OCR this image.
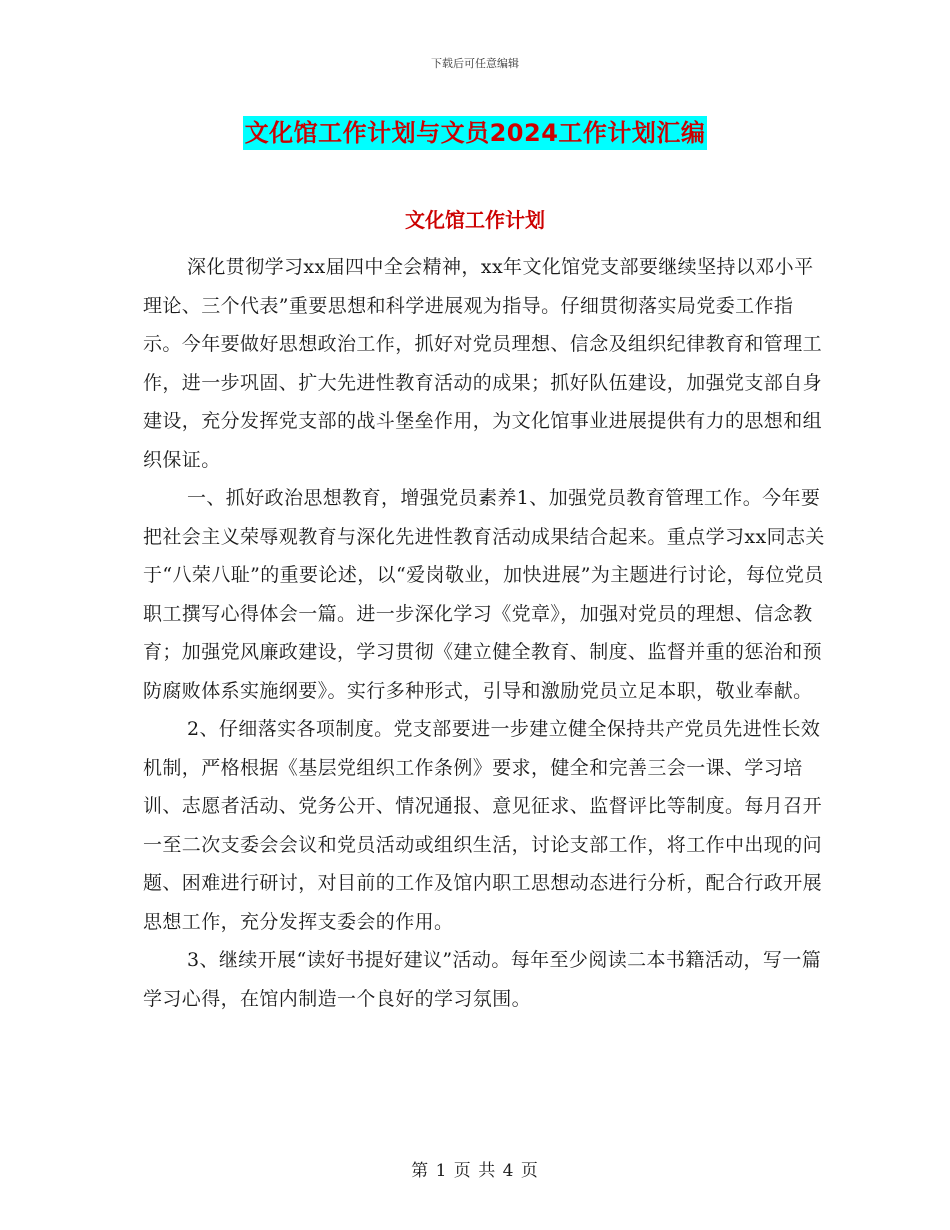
下载后可任意编辑
文化馆工作计划与文员2024工作计划汇编
文化馆工作计划

深化贯彻学习xx届四中全会精神，xx年文化馆党支部要继续坚持以邓小平理论、三个代表”重要思想和科学进展观为指导。仔细贯彻落实局党委工作指示。今年要做好思想政治工作，抓好对党员理想、信念及组织纪律教育和管理工作，进一步巩固、扩大先进性教育活动的成果；抓好队伍建设，加强党支部自身建设，充分发挥党支部的战斗堡垒作用，为文化馆事业进展提供有力的思想和组织保证。

一、抓好政治思想教育，增强党员素养1、加强党员教育管理工作。今年要把社会主义荣辱观教育与深化先进性教育活动成果结合起来。重点学习xx同志关于“八荣八耻”的重要论述，以“爱岗敬业，加快进展”为主题进行讨论，每位党员职工撰写心得体会一篇。进一步深化学习《党章》，加强对党员的理想、信念教育；加强党风廉政建设，学习贯彻《建立健全教育、制度、监督并重的惩治和预防腐败体系实施纲要》。实行多种形式，引导和激励党员立足本职，敬业奉献。

2、仔细落实各项制度。党支部要进一步建立健全保持共产党员先进性长效机制，严格根据《基层党组织工作条例》要求，健全和完善三会一课、学习培训、志愿者活动、党务公开、情况通报、意见征求、监督评比等制度。每月召开一至二次支委会会议和党员活动或组织生活，讨论支部工作，将工作中出现的问题、困难进行研讨，对目前的工作及馆内职工思想动态进行分析，配合行政开展思想工作，充分发挥支委会的作用。

3、继续开展“读好书提好建议”活动。每年至少阅读二本书籍活动，写一篇学习心得，在馆内制造一个良好的学习氛围。

第 1 页 共 4 页
